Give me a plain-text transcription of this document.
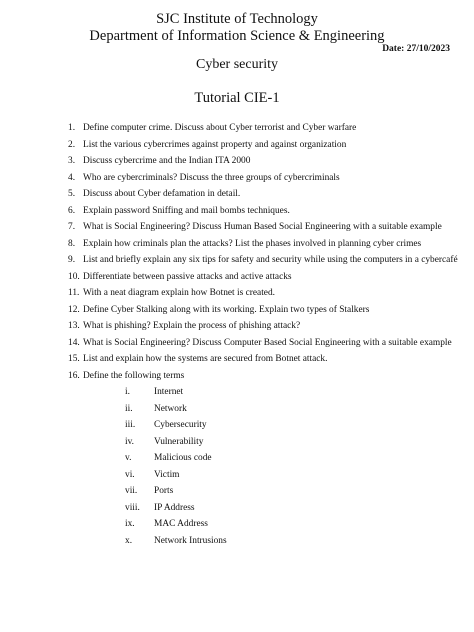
SJC Institute of Technology
Department of Information Science & Engineering
Date: 27/10/2023
Cyber security
Tutorial CIE-1
1. Define computer crime. Discuss about Cyber terrorist and Cyber warfare
2. List the various cybercrimes against property and against organization
3. Discuss cybercrime and the Indian ITA 2000
4. Who are cybercriminals? Discuss the three groups of cybercriminals
5. Discuss about Cyber defamation in detail.
6. Explain password Sniffing and mail bombs techniques.
7. What is Social Engineering? Discuss Human Based Social Engineering with a suitable example
8. Explain how criminals plan the attacks? List the phases involved in planning cyber crimes
9. List and briefly explain any six tips for safety and security while using the computers in a cybercafé
10. Differentiate between passive attacks and active attacks
11. With a neat diagram explain how Botnet is created.
12. Define Cyber Stalking along with its working. Explain two types of Stalkers
13. What is phishing? Explain the process of phishing attack?
14. What is Social Engineering? Discuss Computer Based Social Engineering with a suitable example
15. List and explain how the systems are secured from Botnet attack.
16. Define the following terms
i.	Internet
ii. Network
iii. Cybersecurity
iv. Vulnerability
v. Malicious code
vi. Victim
vii. Ports
viii. IP Address
ix. MAC Address
x. Network Intrusions
